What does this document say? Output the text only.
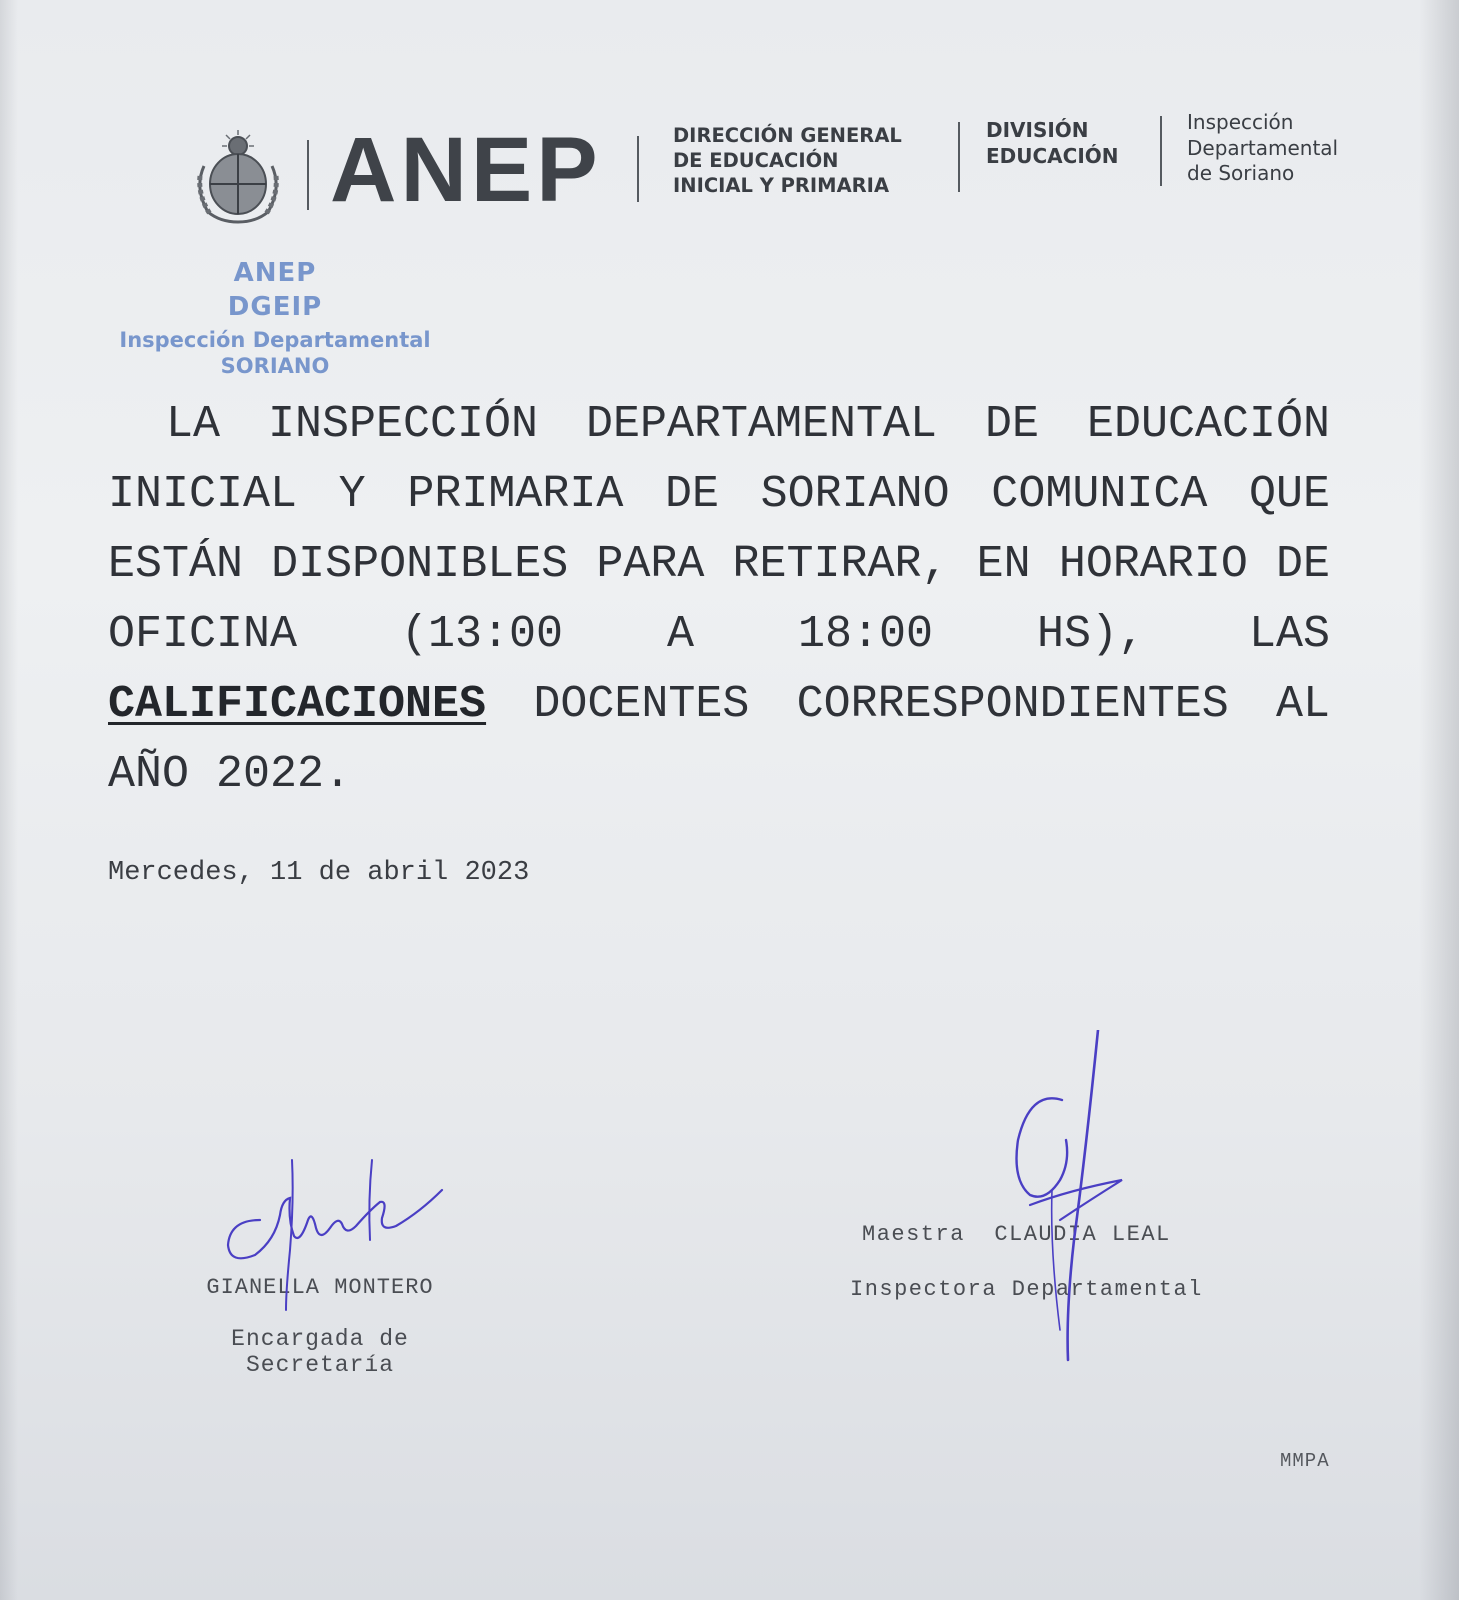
ANEP	DIRECCIÓN GENERAL
DE EDUCACIÓN
INICIAL Y PRIMARIA
DIVISIÓN
EDUCACIÓN
Inspección
Departamental
de Soriano
ANEP
DGEIP
Inspección Departamental
SORIANO
LA INSPECCIÓN DEPARTAMENTAL DE EDUCACIÓN INICIAL Y PRIMARIA DE SORIANO COMUNICA QUE ESTÁN DISPONIBLES PARA RETIRAR, EN HORARIO DE OFICINA (13:00 A 18:00 HS), LAS CALIFICACIONES DOCENTES CORRESPONDIENTES AL AÑO 2022.
Mercedes, 11 de abril 2023
GIANELLA MONTERO
Encargada de Secretaría
Maestra  CLAUDIA LEAL
Inspectora Departamental
MMPA
